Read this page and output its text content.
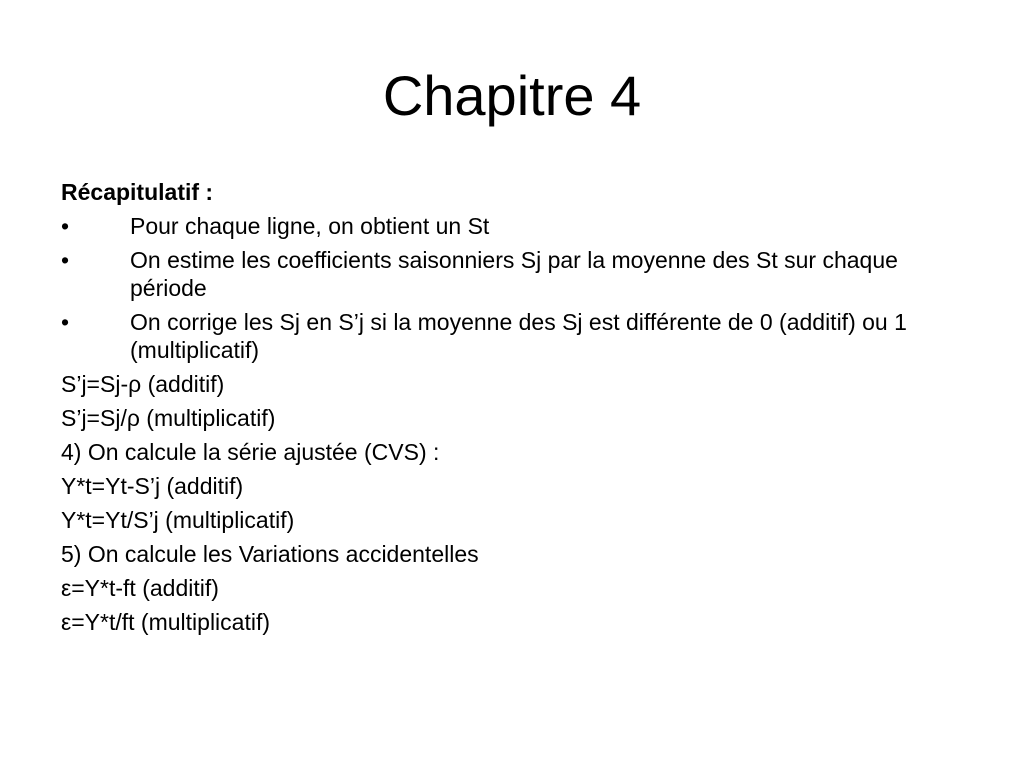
Chapitre 4
Récapitulatif :
•	Pour chaque ligne, on obtient un St
•	On estime les coefficients saisonniers Sj par la moyenne des St sur chaque période
•	On corrige les Sj en S’j si la moyenne des Sj est différente de 0 (additif) ou 1 (multiplicatif)
S’j=Sj-ρ (additif)
S’j=Sj/ρ (multiplicatif)
4) On calcule la série ajustée (CVS) :
Y*t=Yt-S’j (additif)
Y*t=Yt/S’j (multiplicatif)
5) On calcule les Variations accidentelles
ε=Y*t-ft (additif)
ε=Y*t/ft (multiplicatif)
